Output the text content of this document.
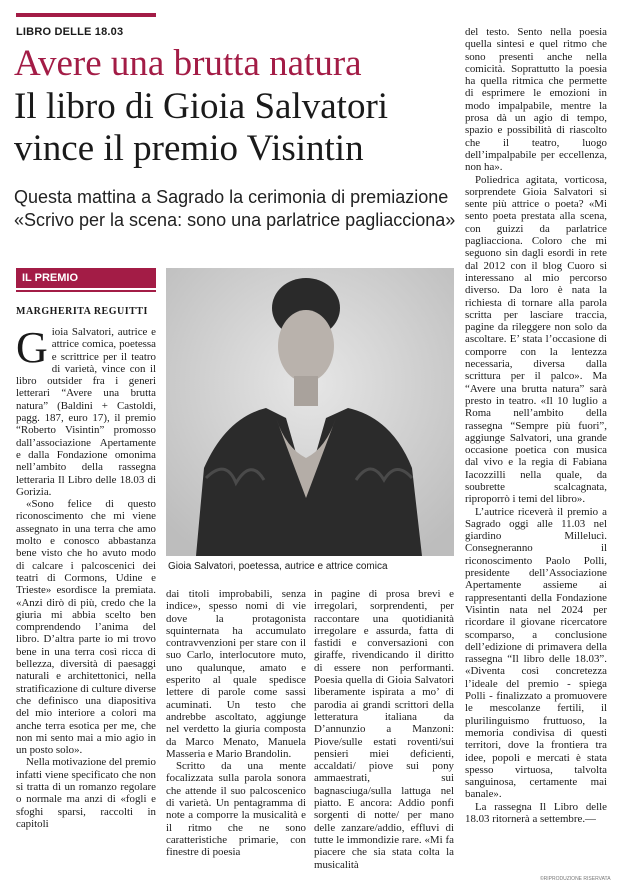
LIBRO DELLE 18.03
Avere una brutta natura
Il libro di Gioia Salvatori
vince il premio Visintin
Questa mattina a Sagrado la cerimonia di premiazione
«Scrivo per la scena: sono una parlatrice pagliacciona»
IL PREMIO
MARGHERITA REGUITTI

Gioia Salvatori, autrice e attrice comica, poetessa e scrittrice per il teatro di varietà, vince con il libro outsider fra i generi letterari “Avere una brutta natura” (Baldini + Castoldi, pagg. 187, euro 17), il premio “Roberto Visintin” promosso dall’associazione Apertamente e dalla Fondazione omonima nell’ambito della rassegna letteraria Il Libro delle 18.03 di Gorizia.

«Sono felice di questo riconoscimento che mi viene assegnato in una terra che amo molto e conosco abbastanza bene visto che ho avuto modo di calcare i palcoscenici dei teatri di Cormons, Udine e Trieste» esordisce la premiata. «Anzi dirò di più, credo che la giuria mi abbia scelto ben comprendendo l’anima del libro. D’altra parte io mi trovo bene in una terra così ricca di bellezza, diversità di paesaggi naturali e architettonici, nella stratificazione di culture diverse che definisco una diapositiva del mio interiore a colori ma anche terra esotica per me, che non mi sento mai a mio agio in un posto solo».

Nella motivazione del premio infatti viene specificato che non si tratta di un romanzo regolare o normale ma anzi di «fogli e sfoghi sparsi, raccolti in capitoli

Gioia Salvatori, poetessa, autrice e attrice comica

dai titoli improbabili, senza indice», spesso nomi di vie dove la protagonista squinternata ha accumulato contravvenzioni per stare con il suo Carlo, interlocutore muto, uno qualunque, amato e esperito al quale spedisce lettere di parole come sassi acuminati. Un testo che andrebbe ascoltato, aggiunge nel verdetto la giuria composta da Marco Menato, Manuela Masseria e Mario Brandolin.

Scritto da una mente focalizzata sulla parola sonora che attende il suo palcoscenico di varietà. Un pentagramma di note a comporre la musicalità e il ritmo che ne sono caratteristiche primarie, con finestre di poesia

in pagine di prosa brevi e irregolari, sorprendenti, per raccontare una quotidianità irregolare e assurda, fatta di fastidi e conversazioni con giraffe, rivendicando il diritto di essere non performanti. Poesia quella di Gioia Salvatori liberamente ispirata a mo’ di parodia ai grandi scrittori della letteratura italiana da D’annunzio a Manzoni: Piove/sulle estati roventi/sui pensieri miei deficienti, accaldati/ piove sui pony ammaestrati, sui bagnasciuga/sulla lattuga nel piatto. E ancora: Addio ponfi sorgenti di notte/ per mano delle zanzare/addio, effluvi di tutte le immondizie rare. «Mi fa piacere che sia stata colta la musicalità

del testo. Sento nella poesia quella sintesi e quel ritmo che sono presenti anche nella comicità. Soprattutto la poesia ha quella ritmica che permette di esprimere le emozioni in modo impalpabile, mentre la prosa dà un agio di tempo, spazio e possibilità di riascolto che il teatro, luogo dell’impalpabile per eccellenza, non ha».

Poliedrica agitata, vorticosa, sorprendete Gioia Salvatori si sente più attrice o poeta? «Mi sento poeta prestata alla scena, con guizzi da parlatrice pagliacciona. Coloro che mi seguono sin dagli esordi in rete dal 2012 con il blog Cuoro si interessano al mio percorso diverso. Da loro è nata la richiesta di tornare alla parola scritta per lasciare traccia, pagine da rileggere non solo da ascoltare. E’ stata l’occasione di comporre con la lentezza necessaria, diversa dalla scrittura per il palco». Ma “Avere una brutta natura” sarà presto in teatro. «Il 10 luglio a Roma nell’ambito della rassegna “Sempre più fuori”, aggiunge Salvatori, una grande occasione poetica con musica dal vivo e la regia di Fabiana Iacozzilli nella quale, da soubrette scalcagnata, riproporrò i temi del libro».

L’autrice riceverà il premio a Sagrado oggi alle 11.03 nel giardino Millelucì. Consegneranno il riconoscimento Paolo Polli, presidente dell’Associazione Apertamente assieme ai rappresentanti della Fondazione Visintin nata nel 2024 per ricordare il giovane ricercatore scomparso, a conclusione dell’edizione di primavera della rassegna “Il libro delle 18.03”. «Diventa così concretezza l’ideale del premio - spiega Polli - finalizzato a promuovere le mescolanze fertili, il plurilinguismo fruttuoso, la memoria condivisa di questi territori, dove la frontiera tra idee, popoli e mercati è stata spesso virtuosa, talvolta sanguinosa, certamente mai banale».

La rassegna Il Libro delle 18.03 ritornerà a settembre.—

©RIPRODUZIONE RISERVATA
